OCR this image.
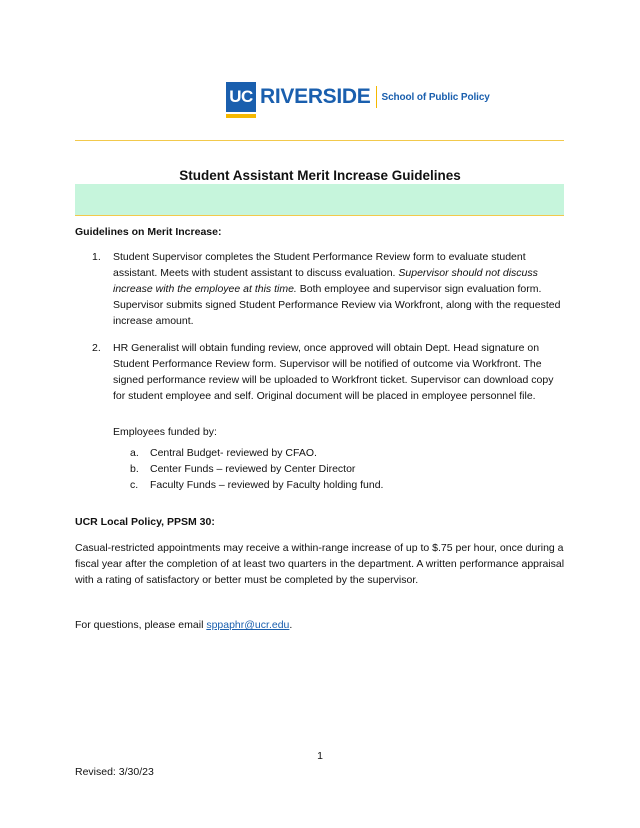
UC RIVERSIDE School of Public Policy
Student Assistant Merit Increase Guidelines
Guidelines on Merit Increase:
1.	Student Supervisor completes the Student Performance Review form to evaluate student assistant. Meets with student assistant to discuss evaluation. Supervisor should not discuss increase with the employee at this time. Both employee and supervisor sign evaluation form. Supervisor submits signed Student Performance Review via Workfront, along with the requested increase amount.
2.	HR Generalist will obtain funding review, once approved will obtain Dept. Head signature on Student Performance Review form. Supervisor will be notified of outcome via Workfront. The signed performance review will be uploaded to Workfront ticket. Supervisor can download copy for student employee and self. Original document will be placed in employee personnel file.
Employees funded by:
a.	Central Budget- reviewed by CFAO.
b.	Center Funds – reviewed by Center Director
c.	Faculty Funds – reviewed by Faculty holding fund.
UCR Local Policy, PPSM 30:
Casual-restricted appointments may receive a within-range increase of up to $.75 per hour, once during a fiscal year after the completion of at least two quarters in the department. A written performance appraisal with a rating of satisfactory or better must be completed by the supervisor.
For questions, please email sppaphr@ucr.edu.
1
Revised: 3/30/23
